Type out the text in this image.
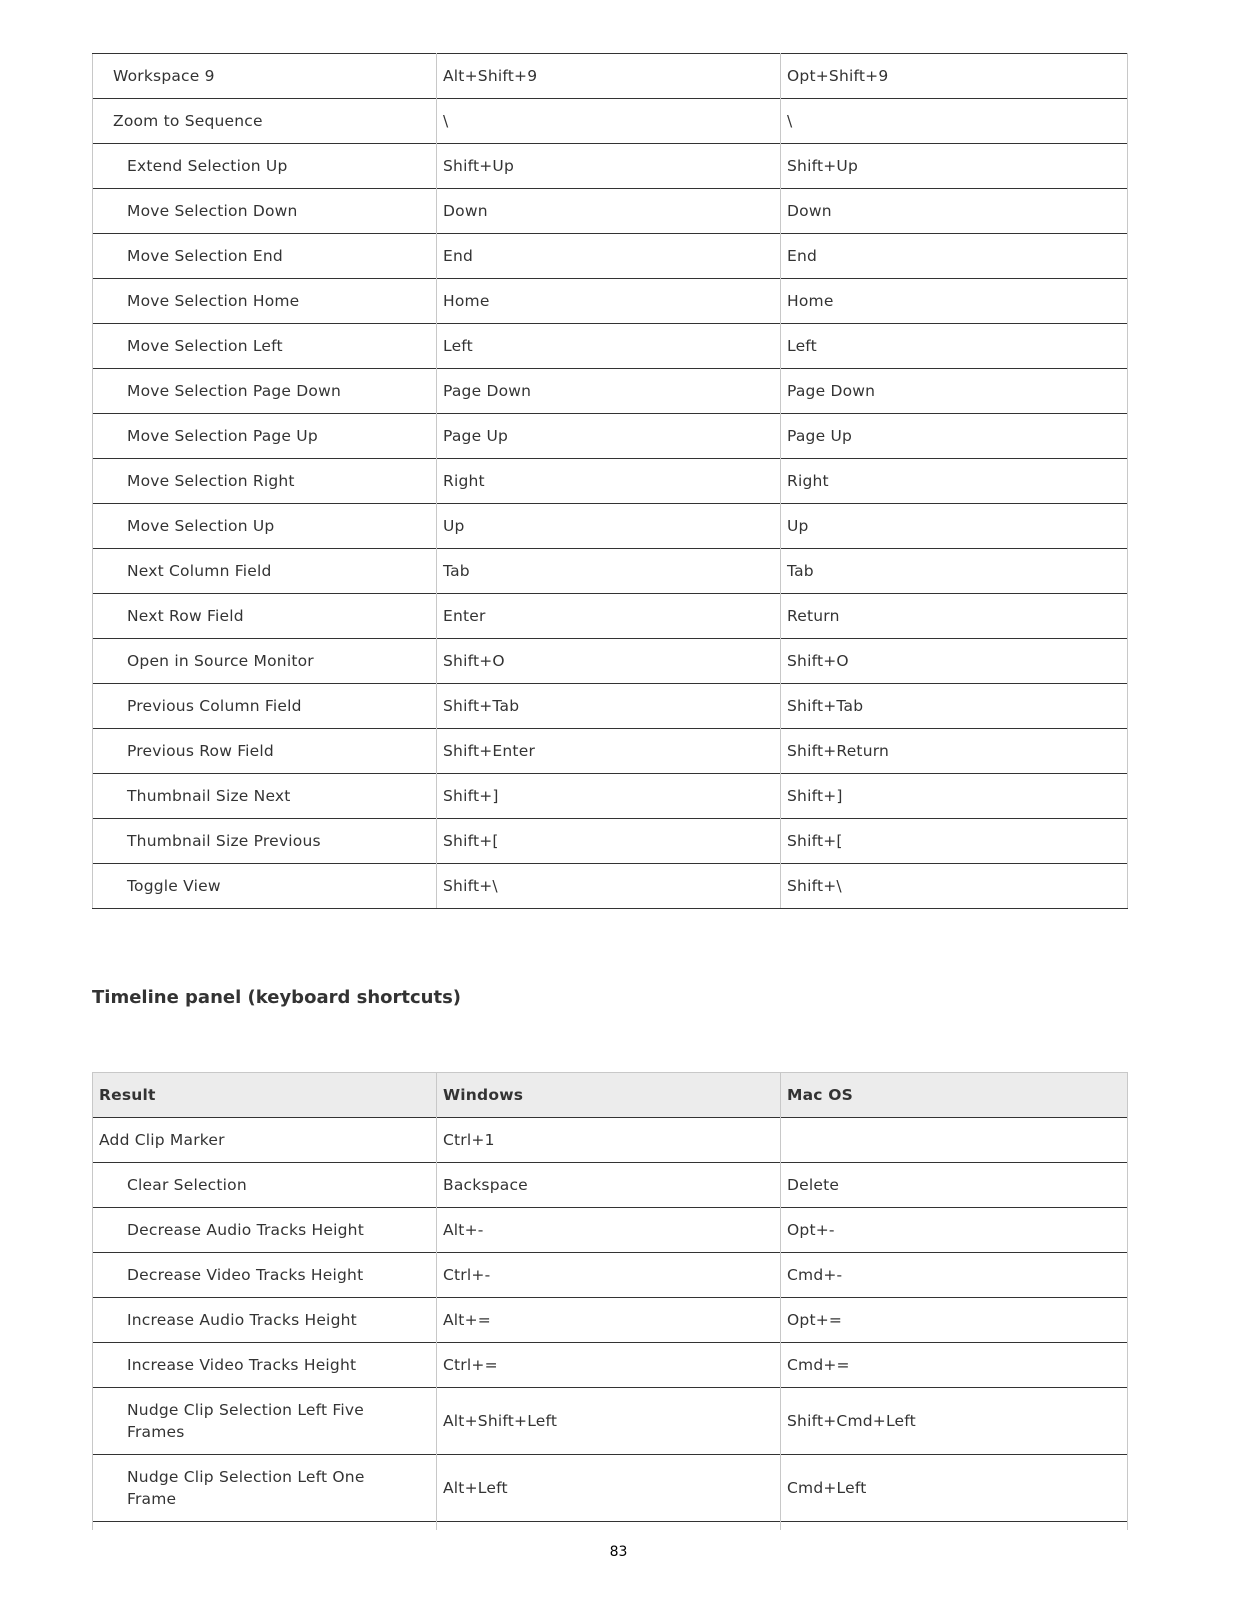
Workspace 9	Alt+Shift+9	Opt+Shift+9
Zoom to Sequence	\	\
Extend Selection Up	Shift+Up	Shift+Up
Move Selection Down	Down	Down
Move Selection End	End	End
Move Selection Home	Home	Home
Move Selection Left	Left	Left
Move Selection Page Down	Page Down	Page Down
Move Selection Page Up	Page Up	Page Up
Move Selection Right	Right	Right
Move Selection Up	Up	Up
Next Column Field	Tab	Tab
Next Row Field	Enter	Return
Open in Source Monitor	Shift+O	Shift+O
Previous Column Field	Shift+Tab	Shift+Tab
Previous Row Field	Shift+Enter	Shift+Return
Thumbnail Size Next	Shift+]	Shift+]
Thumbnail Size Previous	Shift+[	Shift+[
Toggle View	Shift+\	Shift+\
Timeline panel (keyboard shortcuts)
Result	Windows	Mac OS
Add Clip Marker	Ctrl+1	
Clear Selection	Backspace	Delete
Decrease Audio Tracks Height	Alt+-	Opt+-
Decrease Video Tracks Height	Ctrl+-	Cmd+-
Increase Audio Tracks Height	Alt+=	Opt+=
Increase Video Tracks Height	Ctrl+=	Cmd+=
Nudge Clip Selection Left Five Frames	Alt+Shift+Left	Shift+Cmd+Left
Nudge Clip Selection Left One Frame	Alt+Left	Cmd+Left

83
